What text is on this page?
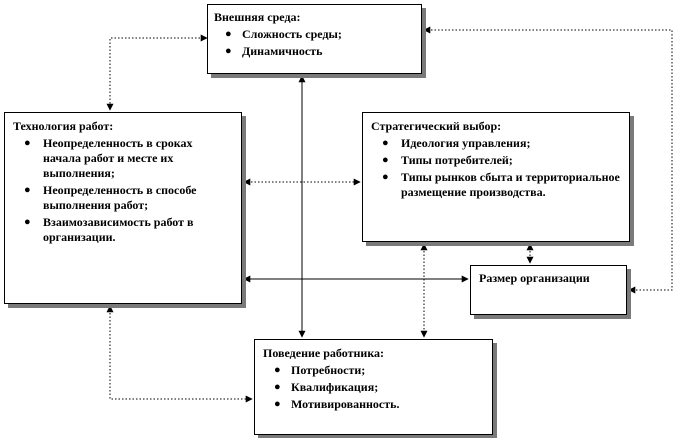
Внешняя среда:
● Сложность среды;
● Динамичность
Технология работ:
● Неопределенность в сроках начала работ и месте их выполнения;
● Неопределенность в способе выполнения работ;
● Взаимозависимость работ в организации.
Стратегический выбор:
● Идеология управления;
● Типы потребителей;
● Типы рынков сбыта и территориальное размещение производства.
Размер организации
Поведение работника:
● Потребности;
● Квалификация;
● Мотивированность.
